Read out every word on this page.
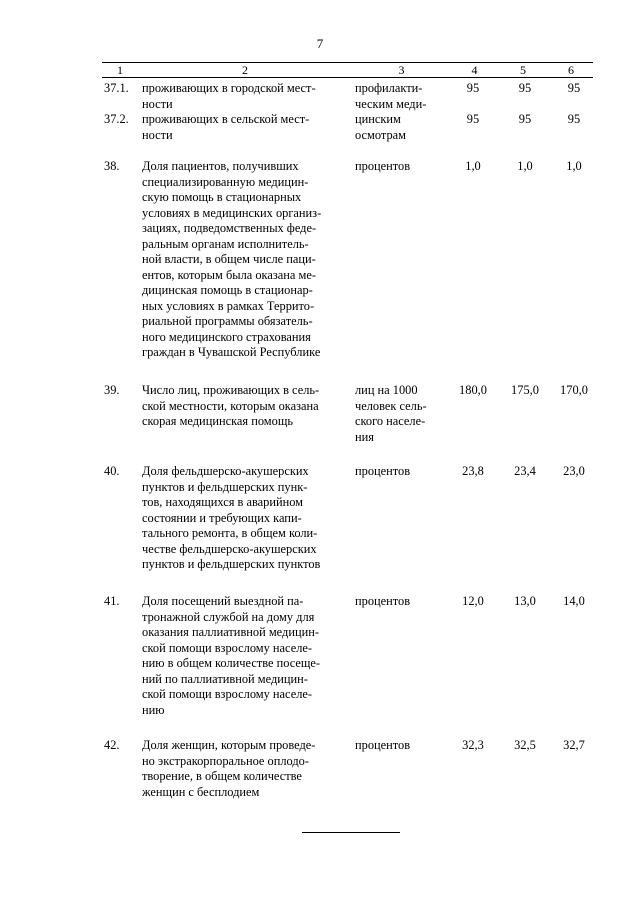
7
1	2	3	4	5	6
37.1.	проживающих в городской мест-
ности
профилакти-
ческим меди-
95	95	95
37.2.	проживающих в сельской мест-
ности
цинским
осмотрам
95	95	95
38.	Доля пациентов, получивших
специализированную медицин-
скую помощь в стационарных
условиях в медицинских организ-
зациях, подведомственных феде-
ральным органам исполнитель-
ной власти, в общем числе паци-
ентов, которым была оказана ме-
дицинская помощь в стационар-
ных условиях в рамках Террито-
риальной программы обязатель-
ного медицинского страхования
граждан в Чувашской Республике
процентов	1,0	1,0	1,0
39.	Число лиц, проживающих в сель-
ской местности, которым оказана
скорая медицинская помощь
лиц на 1000
человек сель-
ского населе-
ния
180,0	175,0	170,0
40.	Доля фельдшерско-акушерских
пунктов и фельдшерских пунк-
тов, находящихся в аварийном
состоянии и требующих капи-
тального ремонта, в общем коли-
честве фельдшерско-акушерских
пунктов и фельдшерских пунктов
процентов	23,8	23,4	23,0
41.	Доля посещений выездной па-
тронажной службой на дому для
оказания паллиативной медицин-
ской помощи взрослому населе-
нию в общем количестве посеще-
ний по паллиативной медицин-
ской помощи взрослому населе-
нию
процентов	12,0	13,0	14,0
42.	Доля женщин, которым проведе-
но экстракорпоральное оплодо-
творение, в общем количестве
женщин с бесплодием
процентов	32,3	32,5	32,7
